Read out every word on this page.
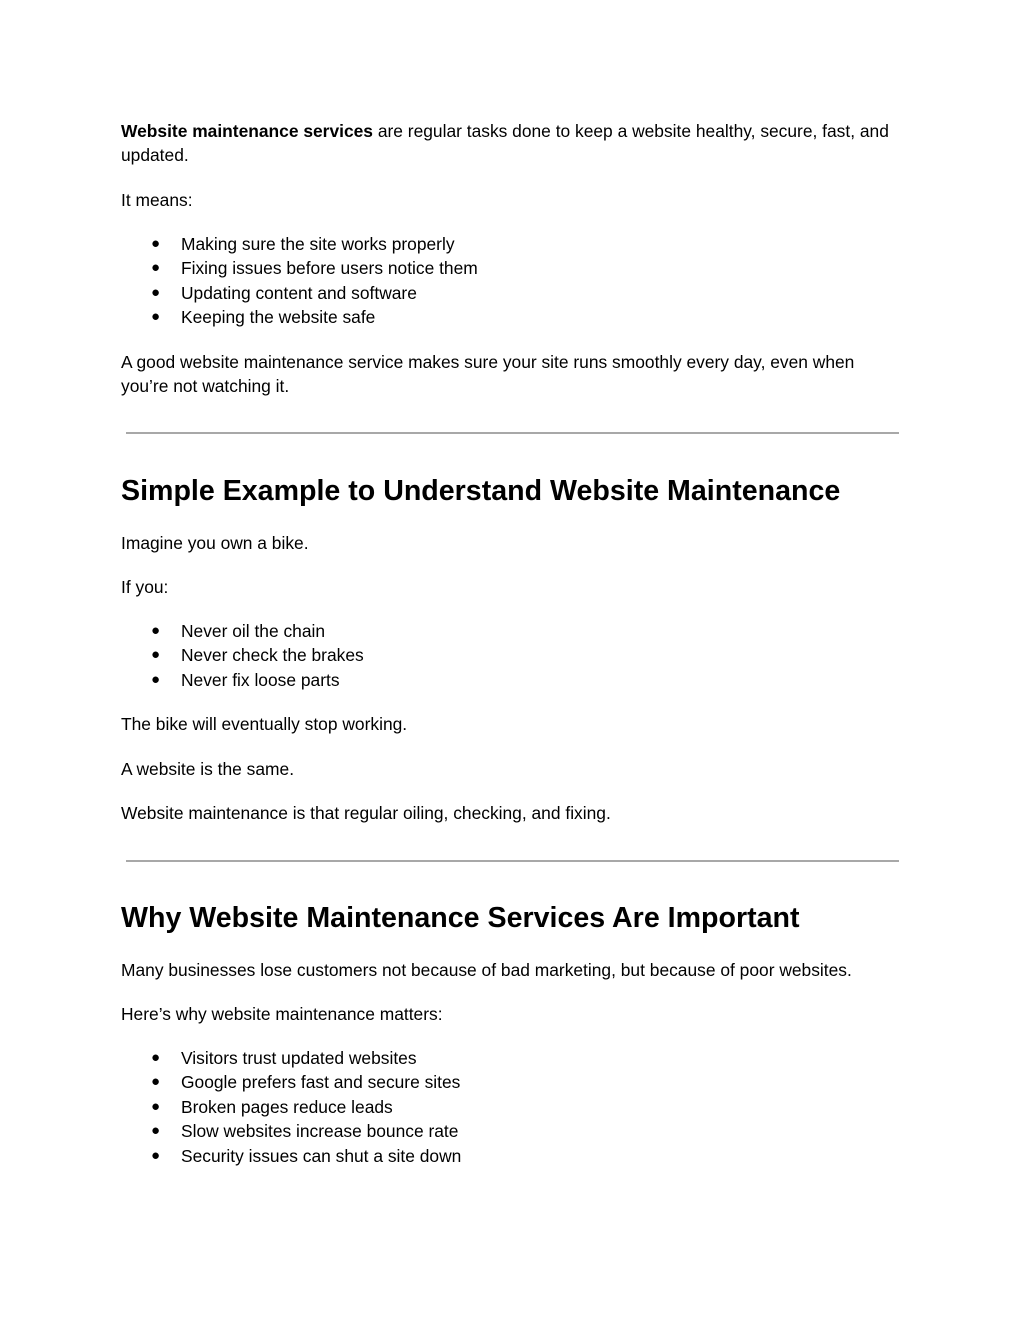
Website maintenance services are regular tasks done to keep a website healthy, secure, fast, and updated.

It means:

● Making sure the site works properly
● Fixing issues before users notice them
● Updating content and software
● Keeping the website safe

A good website maintenance service makes sure your site runs smoothly every day, even when you’re not watching it.

Simple Example to Understand Website Maintenance

Imagine you own a bike.

If you:

● Never oil the chain
● Never check the brakes
● Never fix loose parts

The bike will eventually stop working.

A website is the same.

Website maintenance is that regular oiling, checking, and fixing.

Why Website Maintenance Services Are Important

Many businesses lose customers not because of bad marketing, but because of poor websites.

Here’s why website maintenance matters:

● Visitors trust updated websites
● Google prefers fast and secure sites
● Broken pages reduce leads
● Slow websites increase bounce rate
● Security issues can shut a site down
